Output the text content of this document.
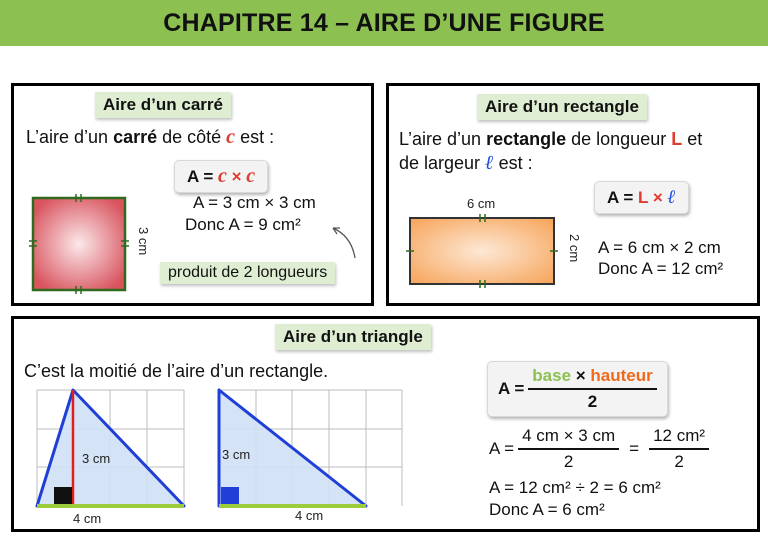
CHAPITRE 14 – AIRE D’UNE FIGURE
Aire d’un carré
L’aire d’un carré de côté c est :
A = c × c
A = 3 cm × 3 cm
Donc A = 9 cm²
3 cm
produit de 2 longueurs
Aire d’un rectangle
L’aire d’un rectangle de longueur L et
de largeur ℓ est :
A = L × ℓ
6 cm
2 cm A = 6 cm × 2 cm
Donc A = 12 cm²
Aire d’un triangle
C’est la moitié de l’aire d’un rectangle.
3 cm
4 cm
3 cm
4 cm
$A = \frac{\text{base × hauteur}}{2}$
$A = \frac{4 cm \times 3 cm}{2} = \frac{\text{12 cm²}}{2}$
A = 12 cm² ÷ 2 = 6 cm²
Donc A = 6 cm²
